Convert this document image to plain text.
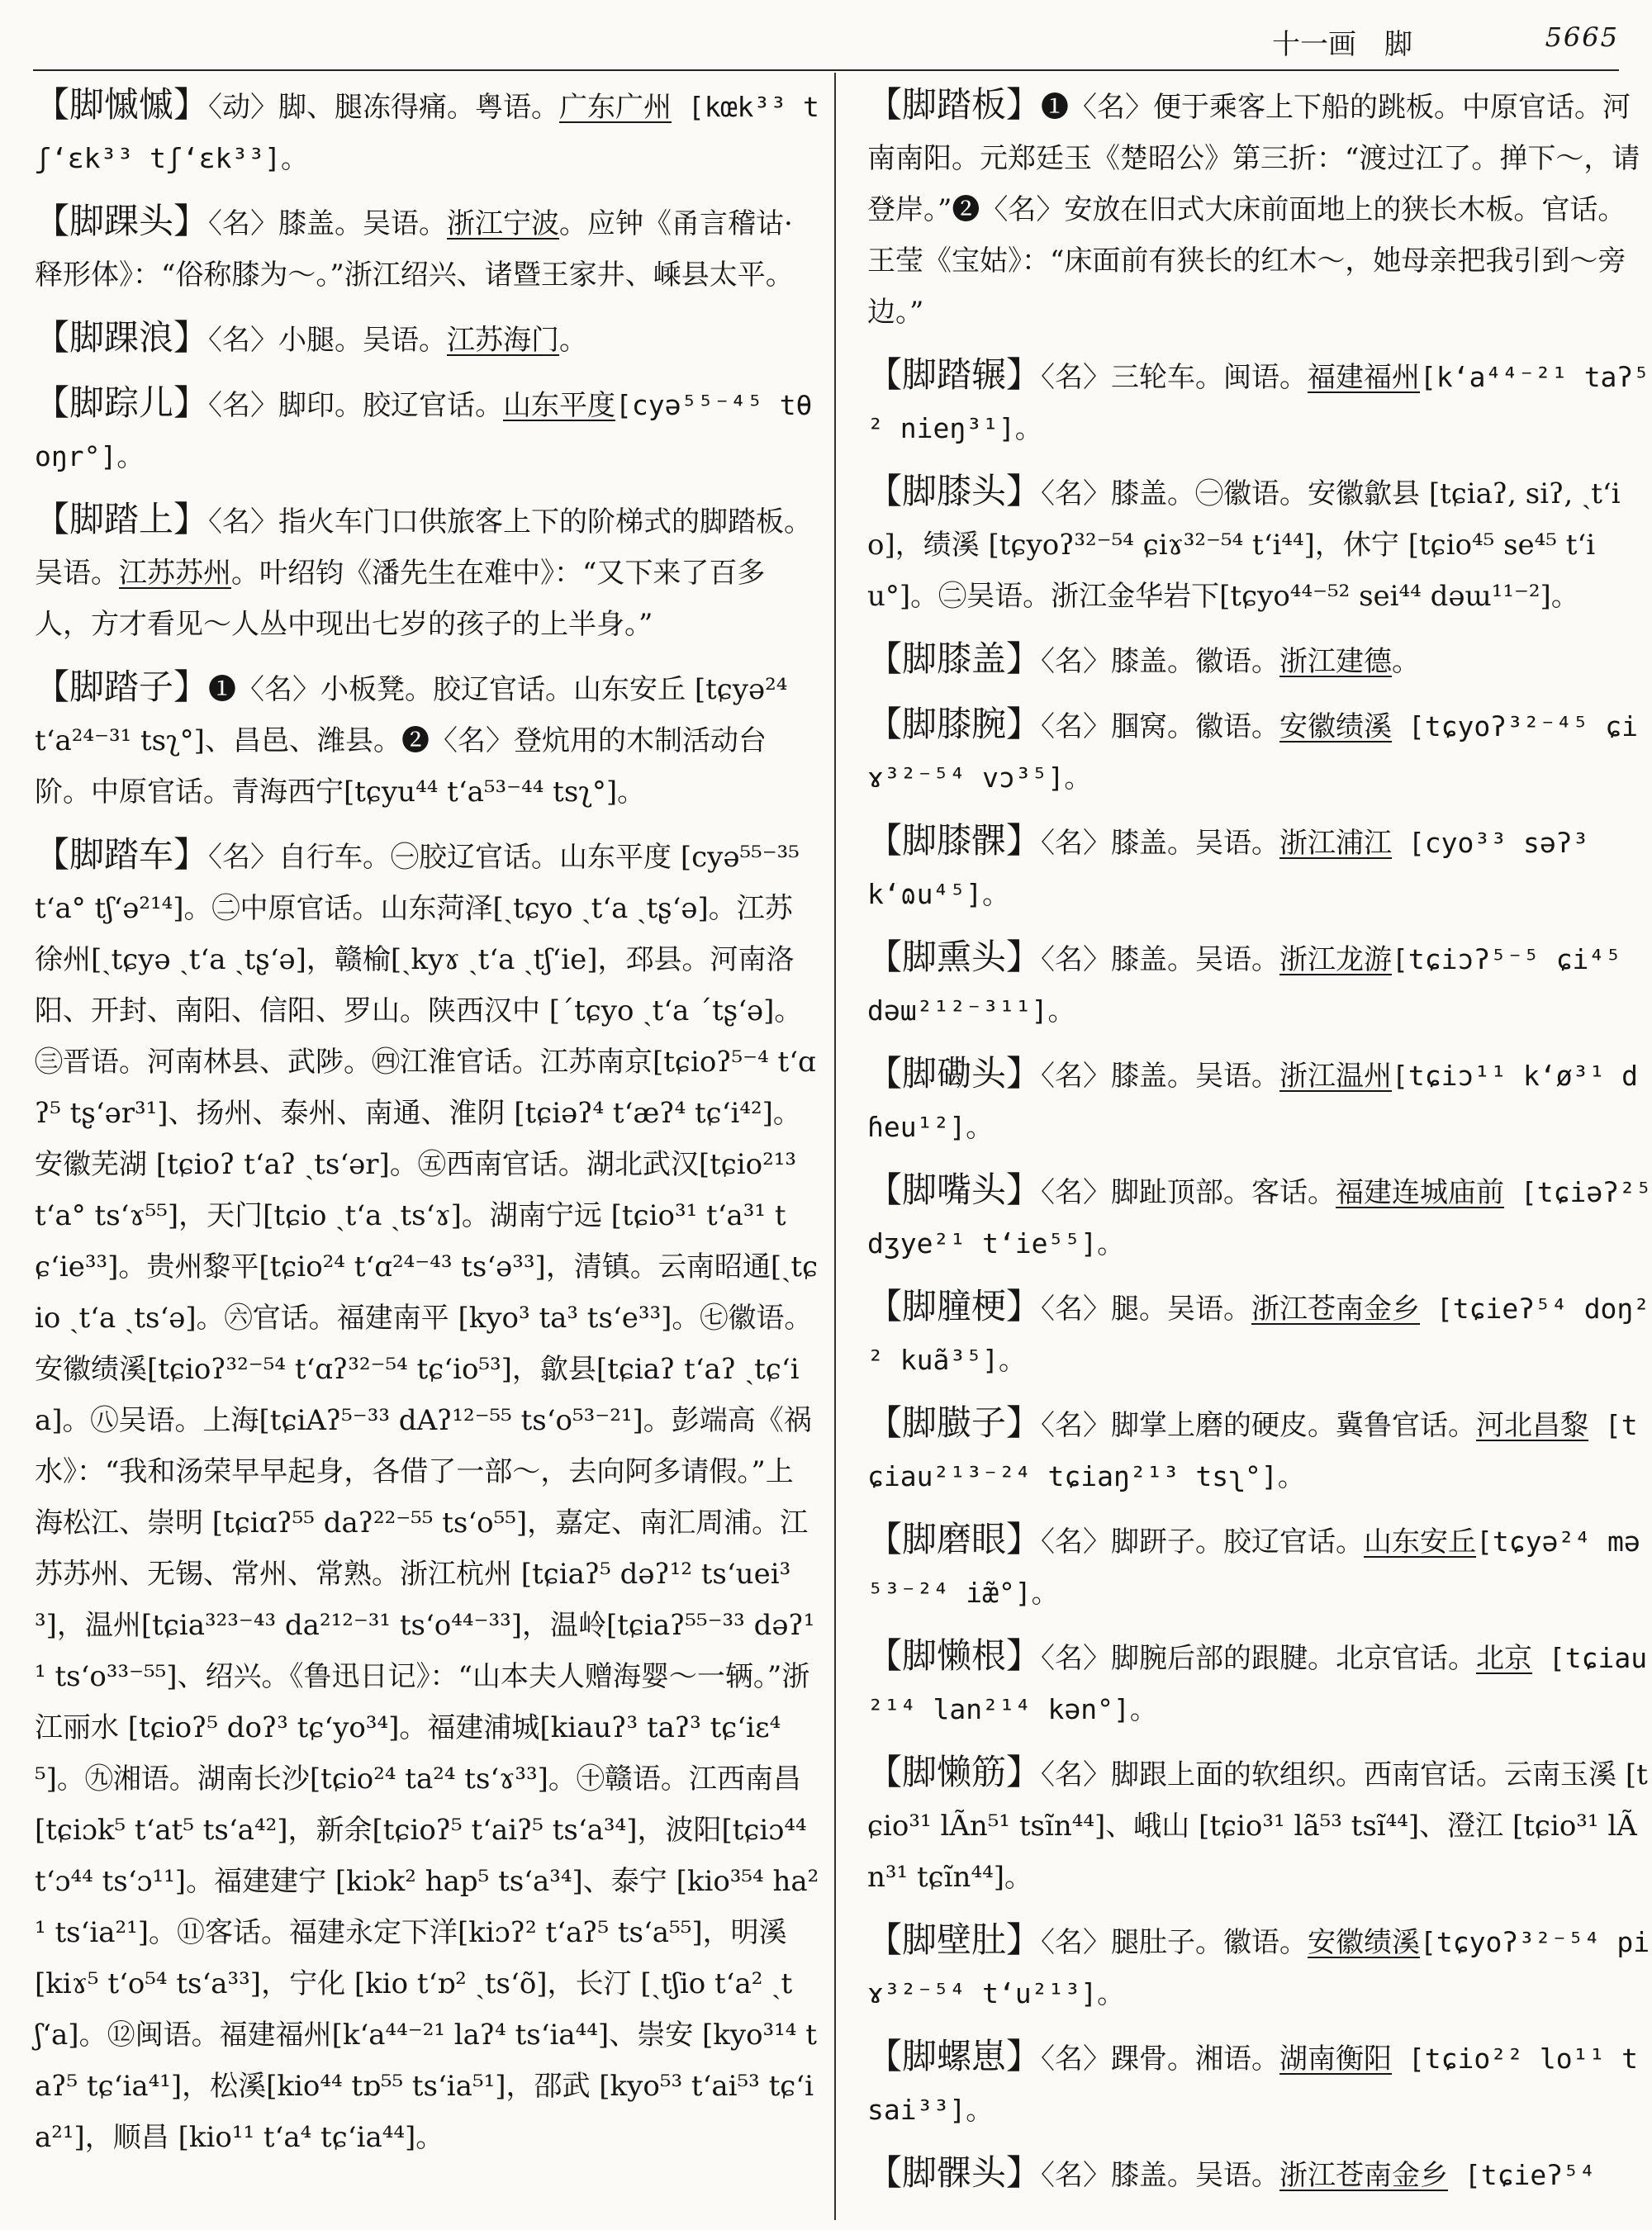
十一画　脚	5665
【脚慽慽】〈动〉脚、腿冻得痛。粤语。广东广州 [kœk³³ tʃ‘ɛk³³ tʃ‘ɛk³³]。
【脚踝头】〈名〉膝盖。吴语。浙江宁波。应钟《甬言稽诂·释形体》：“俗称膝为～。”浙江绍兴、诸暨王家井、嵊县太平。
【脚踝浪】〈名〉小腿。吴语。江苏海门。
【脚踪儿】〈名〉脚印。胶辽官话。山东平度[cyə⁵⁵⁻⁴⁵ tθoŋr°]。
【脚踏上】〈名〉指火车门口供旅客上下的阶梯式的脚踏板。吴语。江苏苏州。叶绍钧《潘先生在难中》：“又下来了百多人，方才看见～人丛中现出七岁的孩子的上半身。”
【脚踏子】❶〈名〉小板凳。胶辽官话。山东安丘 [tɕyə²⁴ t‘a²⁴⁻³¹ tsʅ°]、昌邑、潍县。❷〈名〉登炕用的木制活动台阶。中原官话。青海西宁[tɕyu⁴⁴ t‘a⁵³⁻⁴⁴ tsʅ°]。
【脚踏车】〈名〉自行车。㊀胶辽官话。山东平度 [cyə⁵⁵⁻³⁵ t‘a° tʃ‘ə²¹⁴]。㊁中原官话。山东菏泽[ˏtɕyo ˏt‘a ˏtʂ‘ə]。江苏徐州[ˏtɕyə ˏt‘a ˏtʂ‘ə]，赣榆[ˏkyɤ ˏt‘a ˏtʃ‘ie]，邳县。河南洛阳、开封、南阳、信阳、罗山。陕西汉中 [ˊtɕyo ˏt‘a ˊtʂ‘ə]。㊂晋语。河南林县、武陟。㊃江淮官话。江苏南京[tɕioʔ⁵⁻⁴ t‘ɑʔ⁵ tʂ‘ər³¹]、扬州、泰州、南通、淮阴 [tɕiəʔ⁴ t‘æʔ⁴ tɕ‘i⁴²]。安徽芜湖 [tɕioʔ t‘aʔ ˏts‘ər]。㊄西南官话。湖北武汉[tɕio²¹³ t‘a° ts‘ɤ⁵⁵]，天门[tɕio ˏt‘a ˏts‘ɤ]。湖南宁远 [tɕio³¹ t‘a³¹ tɕ‘ie³³]。贵州黎平[tɕio²⁴ t‘ɑ²⁴⁻⁴³ ts‘ə³³]，清镇。云南昭通[ˏtɕio ˏt‘a ˏts‘ə]。㊅官话。福建南平 [kyo³ ta³ ts‘e³³]。㊆徽语。安徽绩溪[tɕioʔ³²⁻⁵⁴ t‘ɑʔ³²⁻⁵⁴ tɕ‘io⁵³]，歙县[tɕiaʔ t‘aʔ ˏtɕ‘ia]。㊇吴语。上海[tɕiAʔ⁵⁻³³ dAʔ¹²⁻⁵⁵ ts‘o⁵³⁻²¹]。彭端高《祸水》：“我和汤荣早早起身，各借了一部～，去向阿多请假。”上海松江、崇明 [tɕiɑʔ⁵⁵ daʔ²²⁻⁵⁵ ts‘o⁵⁵]，嘉定、南汇周浦。江苏苏州、无锡、常州、常熟。浙江杭州 [tɕiaʔ⁵ dəʔ¹² ts‘uei³³]，温州[tɕia³²³⁻⁴³ da²¹²⁻³¹ ts‘o⁴⁴⁻³³]，温岭[tɕiaʔ⁵⁵⁻³³ dəʔ¹¹ ts‘o³³⁻⁵⁵]、绍兴。《鲁迅日记》：“山本夫人赠海婴～一辆。”浙江丽水 [tɕioʔ⁵ doʔ³ tɕ‘yo³⁴]。福建浦城[kiauʔ³ taʔ³ tɕ‘iɛ⁴⁵]。㊈湘语。湖南长沙[tɕio²⁴ ta²⁴ ts‘ɤ³³]。㊉赣语。江西南昌[tɕiɔk⁵ t‘at⁵ ts‘a⁴²]，新余[tɕioʔ⁵ t‘aiʔ⁵ ts‘a³⁴]，波阳[tɕiɔ⁴⁴ t‘ɔ⁴⁴ ts‘ɔ¹¹]。福建建宁 [kiɔk² hap⁵ ts‘a³⁴]、泰宁 [kio³⁵⁴ ha²¹ ts‘ia²¹]。⑪客话。福建永定下洋[kiɔʔ² t‘aʔ⁵ ts‘a⁵⁵]，明溪 [kiɤ⁵ t‘o⁵⁴ ts‘a³³]，宁化 [kio t‘ɒ² ˏts‘õ]，长汀 [ˏtʃio t‘a² ˏtʃ‘a]。⑫闽语。福建福州[k‘a⁴⁴⁻²¹ laʔ⁴ ts‘ia⁴⁴]、崇安 [kyo³¹⁴ taʔ⁵ tɕ‘ia⁴¹]，松溪[kio⁴⁴ tɒ⁵⁵ ts‘ia⁵¹]，邵武 [kyo⁵³ t‘ai⁵³ tɕ‘ia²¹]，顺昌 [kio¹¹ t‘a⁴ tɕ‘ia⁴⁴]。
【脚踏板】❶〈名〉便于乘客上下船的跳板。中原官话。河南南阳。元郑廷玉《楚昭公》第三折：“渡过江了。掸下～，请登岸。”❷〈名〉安放在旧式大床前面地上的狭长木板。官话。王莹《宝姑》：“床面前有狭长的红木～，她母亲把我引到～旁边。”
【脚踏辗】〈名〉三轮车。闽语。福建福州[k‘a⁴⁴⁻²¹ taʔ⁵² nieŋ³¹]。
【脚膝头】〈名〉膝盖。㊀徽语。安徽歙县 [tɕiaʔ, siʔ, ˏt‘io]，绩溪 [tɕyoʔ³²⁻⁵⁴ ɕiɤ³²⁻⁵⁴ t‘i⁴⁴]，休宁 [tɕio⁴⁵ se⁴⁵ t‘iu°]。㊁吴语。浙江金华岩下[tɕyo⁴⁴⁻⁵² sei⁴⁴ dəɯ¹¹⁻²]。
【脚膝盖】〈名〉膝盖。徽语。浙江建德。
【脚膝腕】〈名〉腘窝。徽语。安徽绩溪 [tɕyoʔ³²⁻⁴⁵ ɕiɤ³²⁻⁵⁴ vɔ³⁵]。
【脚膝髁】〈名〉膝盖。吴语。浙江浦江 [cyo³³ səʔ³ k‘ɷu⁴⁵]。
【脚熏头】〈名〉膝盖。吴语。浙江龙游[tɕiɔʔ⁵⁻⁵ ɕi⁴⁵ dəɯ²¹²⁻³¹¹]。
【脚磡头】〈名〉膝盖。吴语。浙江温州[tɕiɔ¹¹ k‘ø³¹ dɦeu¹²]。
【脚嘴头】〈名〉脚趾顶部。客话。福建连城庙前 [tɕiəʔ²⁵ dʒye²¹ t‘ie⁵⁵]。
【脚膧梗】〈名〉腿。吴语。浙江苍南金乡 [tɕieʔ⁵⁴ doŋ²² kuã³⁵]。
【脚臌子】〈名〉脚掌上磨的硬皮。冀鲁官话。河北昌黎 [tɕiau²¹³⁻²⁴ tɕiaŋ²¹³ tsʅ°]。
【脚磨眼】〈名〉脚趼子。胶辽官话。山东安丘[tɕyə²⁴ mə⁵³⁻²⁴ iæ̃°]。
【脚懒根】〈名〉脚腕后部的跟腱。北京官话。北京 [tɕiau²¹⁴ lan²¹⁴ kən°]。
【脚懒筋】〈名〉脚跟上面的软组织。西南官话。云南玉溪 [tɕio³¹ lÃn⁵¹ tsĩn⁴⁴]、峨山 [tɕio³¹ lã⁵³ tsĩ⁴⁴]、澄江 [tɕio³¹ lÃn³¹ tɕĩn⁴⁴]。
【脚壁肚】〈名〉腿肚子。徽语。安徽绩溪[tɕyoʔ³²⁻⁵⁴ piɤ³²⁻⁵⁴ t‘u²¹³]。
【脚螺崽】〈名〉踝骨。湘语。湖南衡阳 [tɕio²² lo¹¹ tsai³³]。
【脚髁头】〈名〉膝盖。吴语。浙江苍南金乡 [tɕieʔ⁵⁴
